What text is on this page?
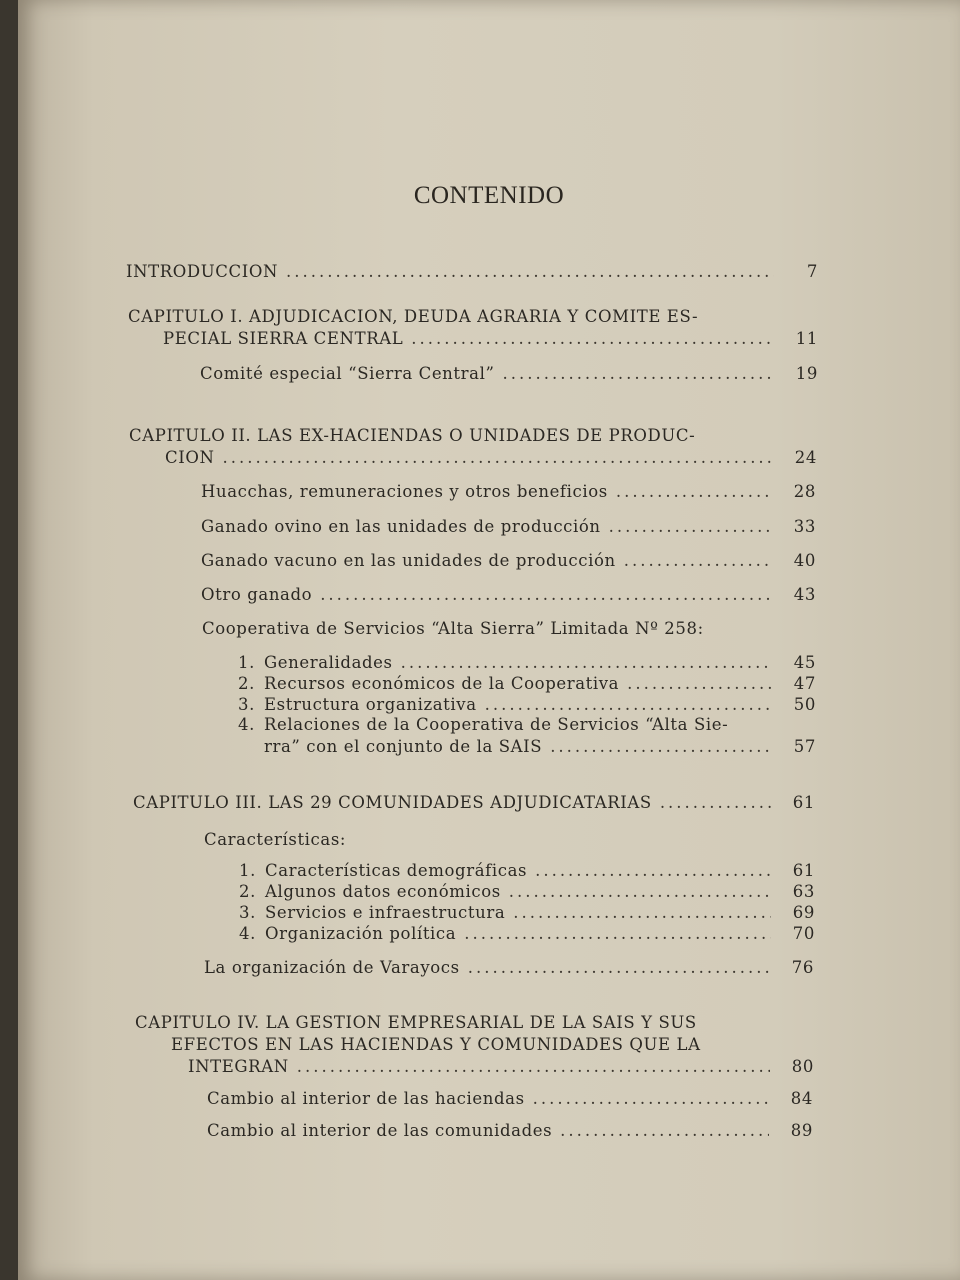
CONTENIDO
INTRODUCCION .....	7
CAPITULO I. ADJUDICACION, DEUDA AGRARIA Y COMITE ES-
PECIAL SIERRA CENTRAL .....	11
Comité especial “Sierra Central” .....	19
CAPITULO II. LAS EX-HACIENDAS O UNIDADES DE PRODUC-
CION .....	24
Huacchas, remuneraciones y otros beneficios .....	28
Ganado ovino en las unidades de producción .....	33
Ganado vacuno en las unidades de producción .....	40
Otro ganado .....	43
Cooperativa de Servicios “Alta Sierra” Limitada Nº 258:
1. Generalidades .....	45
2. Recursos económicos de la Cooperativa .....	47
3. Estructura organizativa .....	50
4. Relaciones de la Cooperativa de Servicios “Alta Sie-
rra” con el conjunto de la SAIS .....	57
CAPITULO III. LAS 29 COMUNIDADES ADJUDICATARIAS .....	61
Características:
1. Características demográficas .....	61
2. Algunos datos económicos .....	63
3. Servicios e infraestructura .....	69
4. Organización política .....	70
La organización de Varayocs .....	76
CAPITULO IV. LA GESTION EMPRESARIAL DE LA SAIS Y SUS
EFECTOS EN LAS HACIENDAS Y COMUNIDADES QUE LA
INTEGRAN .....	80
Cambio al interior de las haciendas .....	84
Cambio al interior de las comunidades .....	89
